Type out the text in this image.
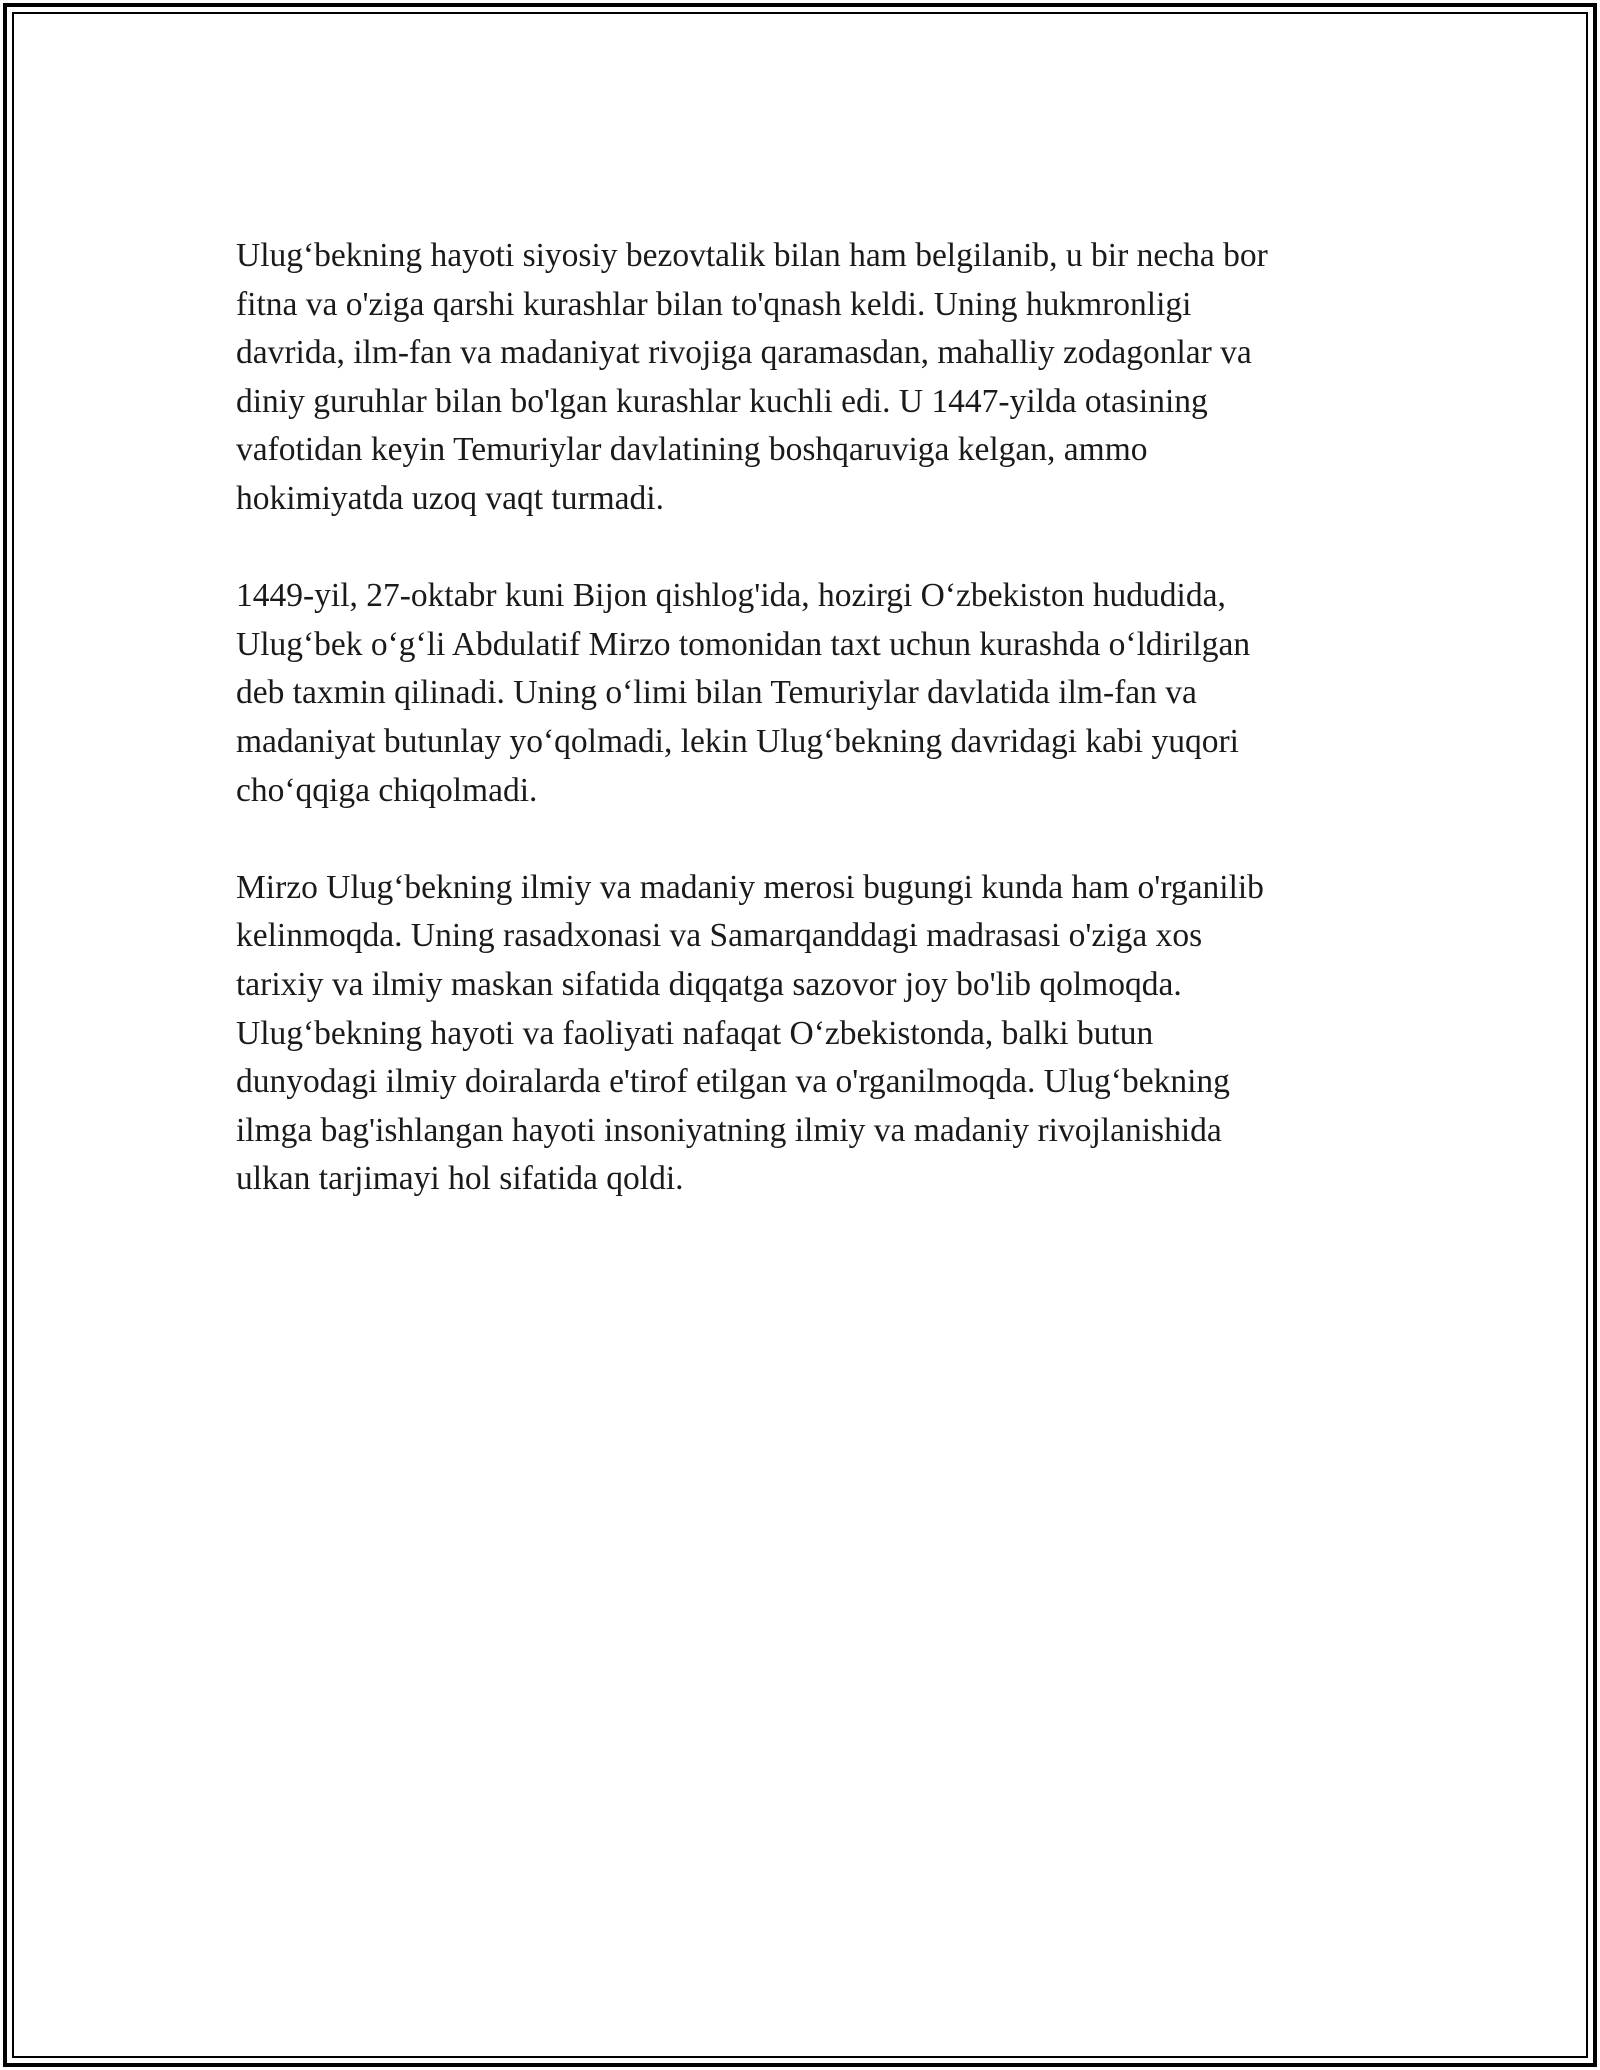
Ulug‘bekning hayoti siyosiy bezovtalik bilan ham belgilanib, u bir necha bor
fitna va o'ziga qarshi kurashlar bilan to'qnash keldi. Uning hukmronligi
davrida, ilm-fan va madaniyat rivojiga qaramasdan, mahalliy zodagonlar va
diniy guruhlar bilan bo'lgan kurashlar kuchli edi. U 1447-yilda otasining
vafotidan keyin Temuriylar davlatining boshqaruviga kelgan, ammo
hokimiyatda uzoq vaqt turmadi.

1449-yil, 27-oktabr kuni Bijon qishlog'ida, hozirgi O‘zbekiston hududida,
Ulug‘bek o‘g‘li Abdulatif Mirzo tomonidan taxt uchun kurashda o‘ldirilgan
deb taxmin qilinadi. Uning o‘limi bilan Temuriylar davlatida ilm-fan va
madaniyat butunlay yo‘qolmadi, lekin Ulug‘bekning davridagi kabi yuqori
cho‘qqiga chiqolmadi.

Mirzo Ulug‘bekning ilmiy va madaniy merosi bugungi kunda ham o'rganilib
kelinmoqda. Uning rasadxonasi va Samarqanddagi madrasasi o'ziga xos
tarixiy va ilmiy maskan sifatida diqqatga sazovor joy bo'lib qolmoqda.
Ulug‘bekning hayoti va faoliyati nafaqat O‘zbekistonda, balki butun
dunyodagi ilmiy doiralarda e'tirof etilgan va o'rganilmoqda. Ulug‘bekning
ilmga bag'ishlangan hayoti insoniyatning ilmiy va madaniy rivojlanishida
ulkan tarjimayi hol sifatida qoldi.
